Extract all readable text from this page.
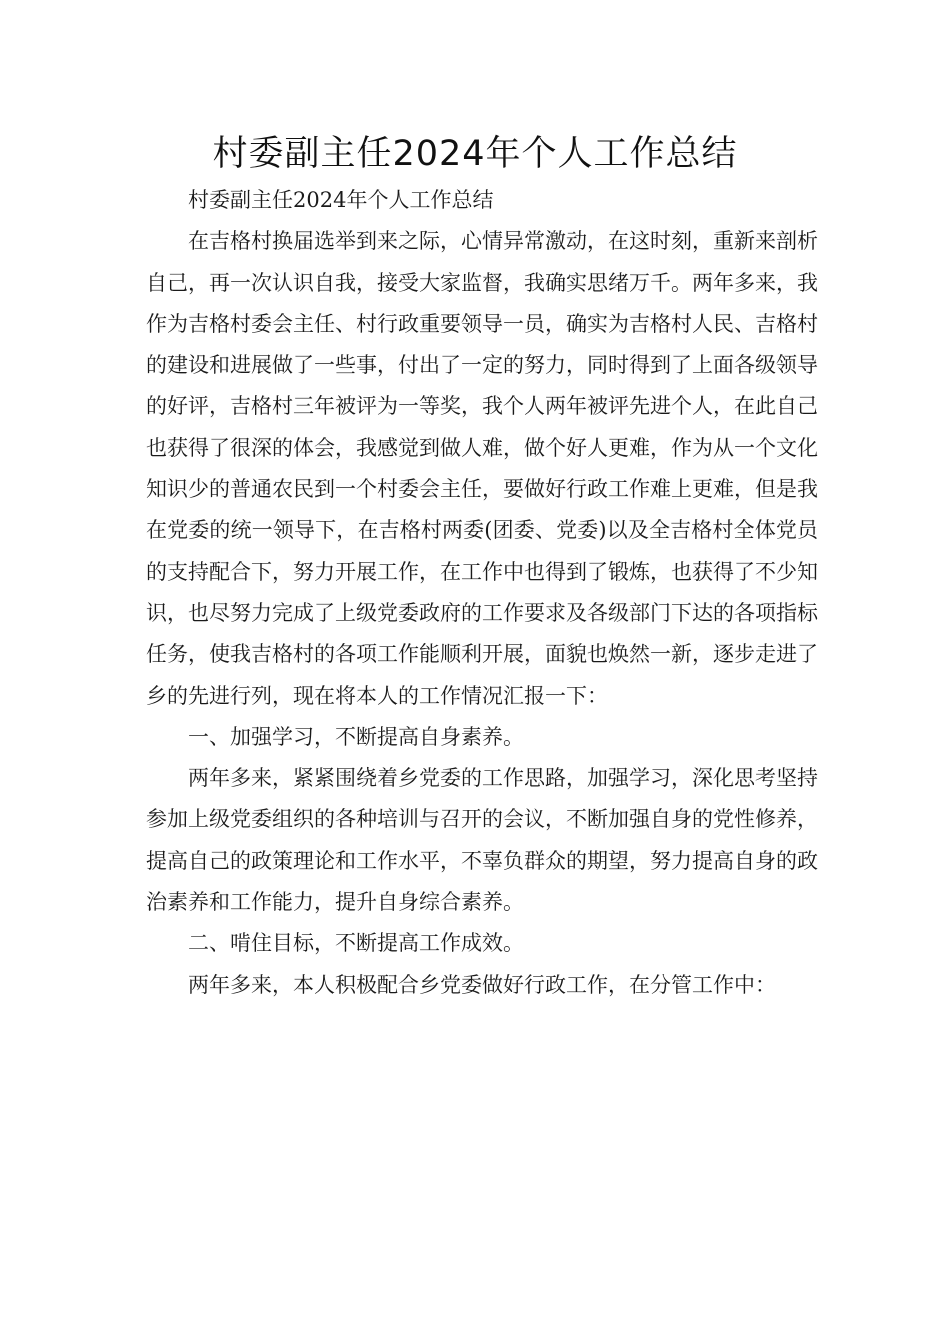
村委副主任2024年个人工作总结

村委副主任2024年个人工作总结

在吉格村换届选举到来之际，心情异常激动，在这时刻，重新来剖析自己，再一次认识自我，接受大家监督，我确实思绪万千。两年多来，我作为吉格村委会主任、村行政重要领导一员，确实为吉格村人民、吉格村的建设和进展做了一些事，付出了一定的努力，同时得到了上面各级领导的好评，吉格村三年被评为一等奖，我个人两年被评先进个人，在此自己也获得了很深的体会，我感觉到做人难，做个好人更难，作为从一个文化知识少的普通农民到一个村委会主任，要做好行政工作难上更难，但是我在党委的统一领导下，在吉格村两委(团委、党委)以及全吉格村全体党员的支持配合下，努力开展工作，在工作中也得到了锻炼，也获得了不少知识，也尽努力完成了上级党委政府的工作要求及各级部门下达的各项指标任务，使我吉格村的各项工作能顺利开展，面貌也焕然一新，逐步走进了乡的先进行列，现在将本人的工作情况汇报一下：

一、加强学习，不断提高自身素养。

两年多来，紧紧围绕着乡党委的工作思路，加强学习，深化思考坚持参加上级党委组织的各种培训与召开的会议，不断加强自身的党性修养，提高自己的政策理论和工作水平，不辜负群众的期望，努力提高自身的政治素养和工作能力，提升自身综合素养。

二、啃住目标，不断提高工作成效。

两年多来，本人积极配合乡党委做好行政工作，在分管工作中：
